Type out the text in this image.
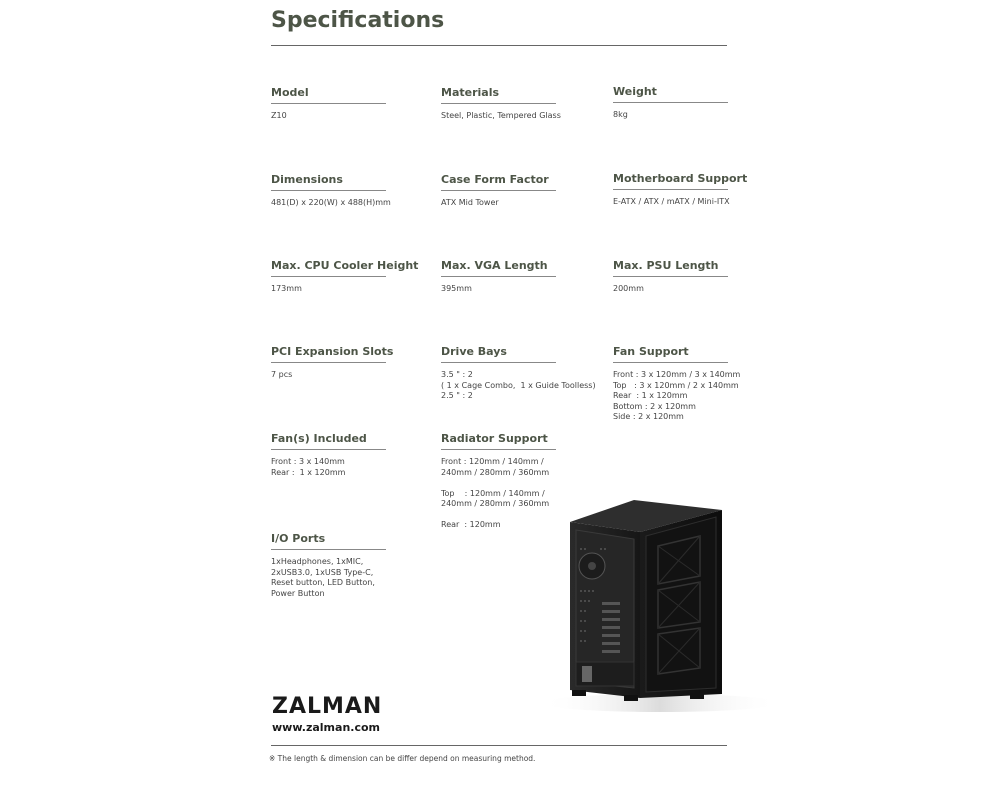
Specifications
Model
Z10
Materials
Steel, Plastic, Tempered Glass
Weight
8kg
Dimensions
481(D) x 220(W) x 488(H)mm
Case Form Factor
ATX Mid Tower
Motherboard Support
E-ATX / ATX / mATX / Mini-ITX
Max. CPU Cooler Height
173mm
Max. VGA Length
395mm
Max. PSU Length
200mm
PCI Expansion Slots
7 pcs
Drive Bays
3.5 " : 2
( 1 x Cage Combo,  1 x Guide Toolless)
2.5 " : 2
Fan Support
Front : 3 x 120mm / 3 x 140mm
Top   : 3 x 120mm / 2 x 140mm
Rear  : 1 x 120mm
Bottom : 2 x 120mm
Side : 2 x 120mm
Fan(s) Included
Front : 3 x 140mm
Rear :  1 x 120mm
Radiator Support
Front : 120mm / 140mm /
240mm / 280mm / 360mm

Top    : 120mm / 140mm /
240mm / 280mm / 360mm

Rear  : 120mm
I/O Ports
1xHeadphones, 1xMIC,
2xUSB3.0, 1xUSB Type-C,
Reset button, LED Button,
Power Button
ZALMAN
www.zalman.com
※ The length & dimension can be differ depend on measuring method.
